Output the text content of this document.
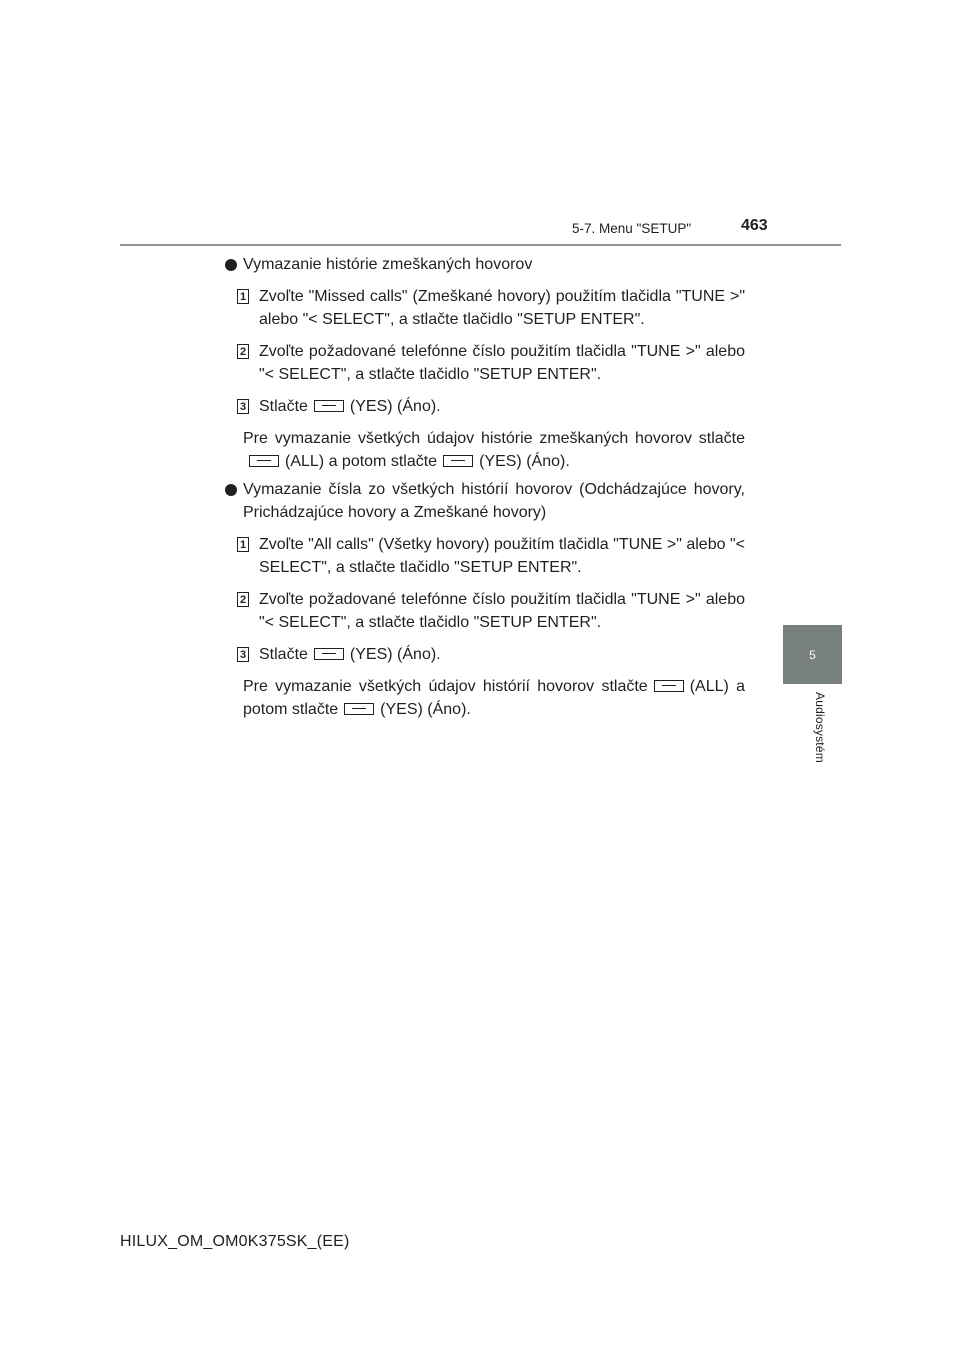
5-7. Menu "SETUP"	463
5
Audiosystém
Vymazanie histórie zmeškaných hovorov
1 Zvoľte "Missed calls" (Zmeškané hovory) použitím tlačidla "TUNE >" alebo "< SELECT", a stlačte tlačidlo "SETUP ENTER".
2 Zvoľte požadované telefónne číslo použitím tlačidla "TUNE >" alebo "< SELECT", a stlačte tlačidlo "SETUP ENTER".
3 Stlačte	(YES) (Áno).
Pre vymazanie všetkých údajov histórie zmeškaných hovorov stlačte(ALL) a potom stlačte	(YES) (Áno).
Vymazanie čísla zo všetkých histórií hovorov (Odchádzajúce hovory, Prichádzajúce hovory a Zmeškané hovory)
1 Zvoľte "All calls" (Všetky hovory) použitím tlačidla "TUNE >" alebo "< SELECT", a stlačte tlačidlo "SETUP ENTER".
2 Zvoľte požadované telefónne číslo použitím tlačidla "TUNE >" alebo "< SELECT", a stlačte tlačidlo "SETUP ENTER".
3 Stlačte	(YES) (Áno).
Pre vymazanie všetkých údajov histórií hovorov stlačte	(ALL) a potom stlačte	(YES) (Áno).
HILUX_OM_OM0K375SK_(EE)
